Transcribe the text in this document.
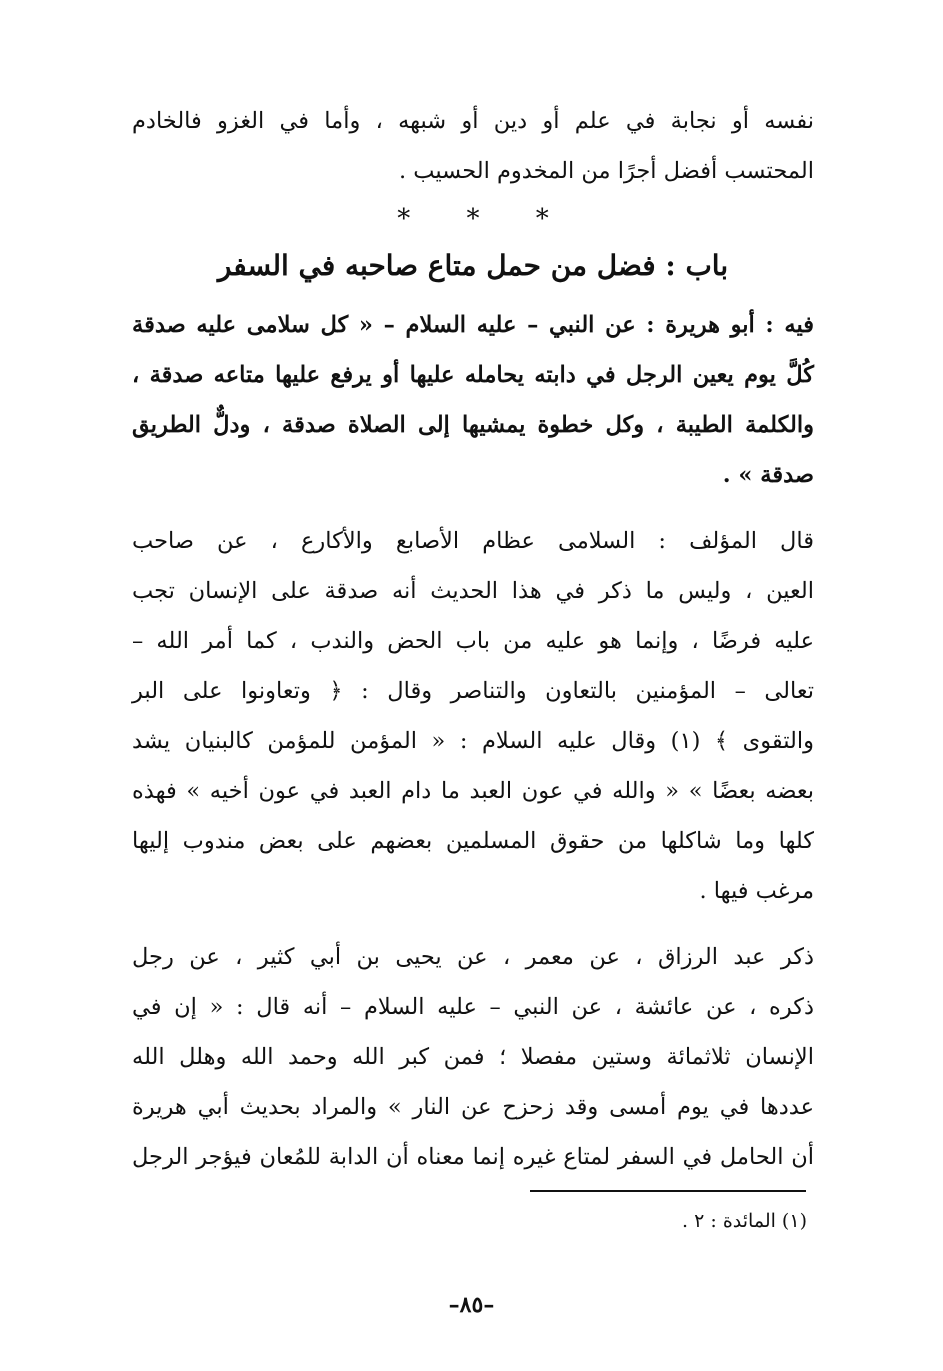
نفسه أو نجابة في علم أو دين أو شبهه ، وأما في الغزو فالخادم
المحتسب أفضل أجرًا من المخدوم الحسيب .

* * *
باب : فضل من حمل متاع صاحبه في السفر

فيه : أبو هريرة : عن النبي – عليه السلام – « كل سلامى عليه صدقة
كُلَّ يوم يعين الرجل في دابته يحامله عليها أو يرفع عليها متاعه صدقة ،
والكلمة الطيبة ، وكل خطوة يمشيها إلى الصلاة صدقة ، ودلٌّ الطريق
صدقة » .

قال المؤلف : السلامى عظام الأصابع والأكارع ، عن صاحب
العين ، وليس ما ذكر في هذا الحديث أنه صدقة على الإنسان تجب
عليه فرضًا ، وإنما هو عليه من باب الحض والندب ، كما أمر الله –
تعالى – المؤمنين بالتعاون والتناصر وقال : ﴿ وتعاونوا على البر
والتقوى ﴾ (١) وقال عليه السلام : « المؤمن للمؤمن كالبنيان يشد
بعضه بعضًا » « والله في عون العبد ما دام العبد في عون أخيه » فهذه
كلها وما شاكلها من حقوق المسلمين بعضهم على بعض مندوب إليها
مرغب فيها .

ذكر عبد الرزاق ، عن معمر ، عن يحيى بن أبي كثير ، عن رجل
ذكره ، عن عائشة ، عن النبي – عليه السلام – أنه قال : « إن في
الإنسان ثلاثمائة وستين مفصلا ؛ فمن كبر الله وحمد الله وهلل الله
عددها في يوم أمسى وقد زحزح عن النار » والمراد بحديث أبي هريرة
أن الحامل في السفر لمتاع غيره إنما معناه أن الدابة للمُعان فيؤجر الرجل

(١) المائدة : ٢ .
–٨٥–
